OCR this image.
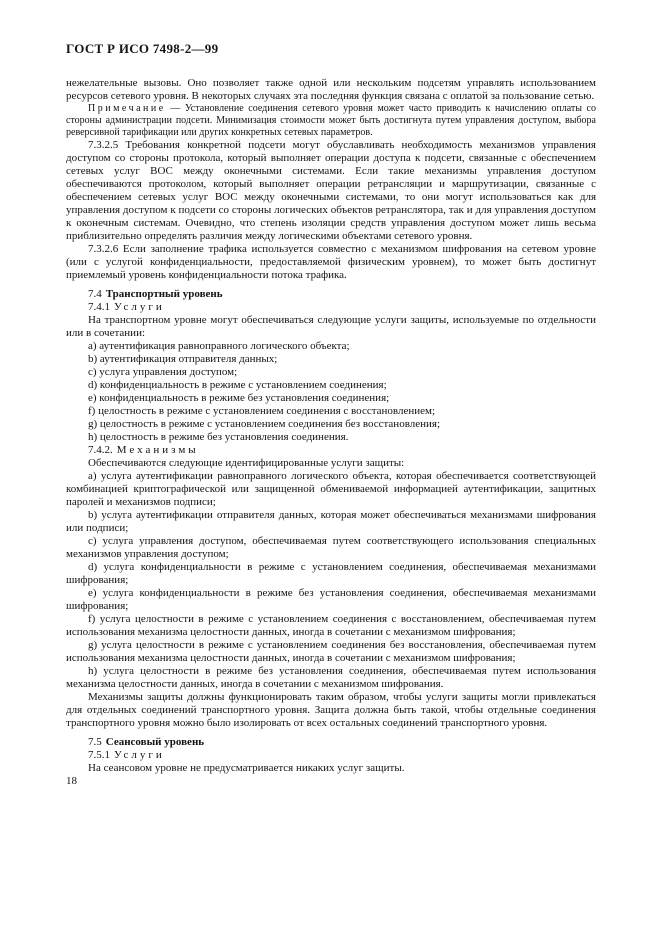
ГОСТ Р ИСО 7498-2—99

нежелательные вызовы. Оно позволяет также одной или нескольким подсетям управлять использованием ресурсов сетевого уровня. В некоторых случаях эта последняя функция связана с оплатой за пользование сетью.

Примечание — Установление соединения сетевого уровня может часто приводить к начислению оплаты со стороны администрации подсети. Минимизация стоимости может быть достигнута путем управления доступом, выбора реверсивной тарификации или других конкретных сетевых параметров.

7.3.2.5 Требования конкретной подсети могут обуславливать необходимость механизмов управления доступом со стороны протокола, который выполняет операции доступа к подсети, связанные с обеспечением сетевых услуг ВОС между оконечными системами. Если такие механизмы управления доступом обеспечиваются протоколом, который выполняет операции ретрансляции и маршрутизации, связанные с обеспечением сетевых услуг ВОС между оконечными системами, то они могут использоваться как для управления доступом к подсети со стороны логических объектов ретранслятора, так и для управления доступом к оконечным системам. Очевидно, что степень изоляции средств управления доступом может лишь весьма приблизительно определять различия между логическими объектами сетевого уровня.

7.3.2.6 Если заполнение трафика используется совместно с механизмом шифрования на сетевом уровне (или с услугой конфиденциальности, предоставляемой физическим уровнем), то может быть достигнут приемлемый уровень конфиденциальности потока трафика.

7.4 Транспортный уровень

7.4.1 Услуги

На транспортном уровне могут обеспечиваться следующие услуги защиты, используемые по отдельности или в сочетании:

a) аутентификация равноправного логического объекта;
b) аутентификация отправителя данных;
c) услуга управления доступом;
d) конфиденциальность в режиме с установлением соединения;
e) конфиденциальность в режиме без установления соединения;
f) целостность в режиме с установлением соединения с восстановлением;
g) целостность в режиме с установлением соединения без восстановления;
h) целостность в режиме без установления соединения.

7.4.2. Механизмы

Обеспечиваются следующие идентифицированные услуги защиты:

a) услуга аутентификации равноправного логического объекта, которая обеспечивается соответствующей комбинацией криптографической или защищенной обмениваемой информацией аутентификации, защитных паролей и механизмов подписи;

b) услуга аутентификации отправителя данных, которая может обеспечиваться механизмами шифрования или подписи;

c) услуга управления доступом, обеспечиваемая путем соответствующего использования специальных механизмов управления доступом;

d) услуга конфиденциальности в режиме с установлением соединения, обеспечиваемая механизмами шифрования;

e) услуга конфиденциальности в режиме без установления соединения, обеспечиваемая механизмами шифрования;

f) услуга целостности в режиме с установлением соединения с восстановлением, обеспечиваемая путем использования механизма целостности данных, иногда в сочетании с механизмом шифрования;

g) услуга целостности в режиме с установлением соединения без восстановления, обеспечиваемая путем использования механизма целостности данных, иногда в сочетании с механизмом шифрования;

h) услуга целостности в режиме без установления соединения, обеспечиваемая путем использования механизма целостности данных, иногда в сочетании с механизмом шифрования.

Механизмы защиты должны функционировать таким образом, чтобы услуги защиты могли привлекаться для отдельных соединений транспортного уровня. Защита должна быть такой, чтобы отдельные соединения транспортного уровня можно было изолировать от всех остальных соединений транспортного уровня.

7.5 Сеансовый уровень

7.5.1 Услуги

На сеансовом уровне не предусматривается никаких услуг защиты.

18
